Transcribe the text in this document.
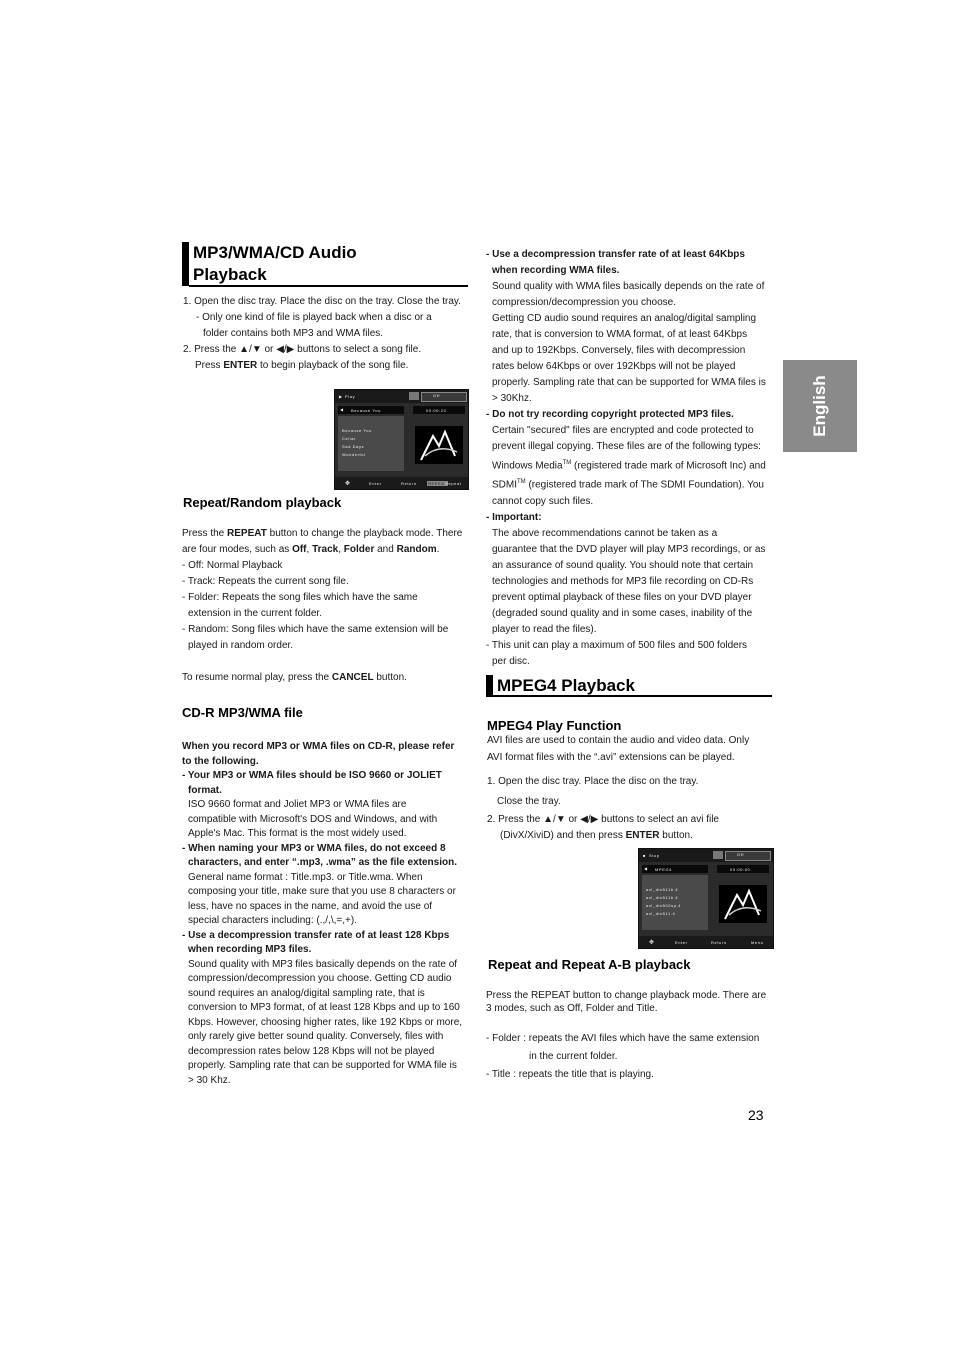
MP3/WMA/CD Audio
Playback

1. Open the disc tray. Place the disc on the tray. Close the tray.

- Only one kind of file is played back when a disc or a

folder contains both MP3 and WMA files.

2. Press the ▲/▼ or ◀/▶ buttons to select a song file.

Press ENTER to begin playback of the song file.

▶ Play	Off
◀ Because You	00:00:23
Because You
Cellar
Sad Days
Wonderful
✥	Enter	Return	REPEAT
Repeat
Repeat/Random playback

Press the REPEAT button to change the playback mode. There

are four modes, such as Off, Track, Folder and Random.

- Off: Normal Playback

- Track: Repeats the current song file.

- Folder: Repeats the song files which have the same

extension in the current folder.

- Random: Song files which have the same extension will be

played in random order.

To resume normal play, press the CANCEL button.

CD-R MP3/WMA file

When you record MP3 or WMA files on CD-R, please refer

to the following.

- Your MP3 or WMA files should be ISO 9660 or JOLIET

format.

ISO 9660 format and Joliet MP3 or WMA files are

compatible with Microsoft's DOS and Windows, and with

Apple's Mac. This format is the most widely used.

- When naming your MP3 or WMA files, do not exceed 8

characters, and enter “.mp3, .wma” as the file extension.

General name format : Title.mp3. or Title.wma. When

composing your title, make sure that you use 8 characters or

less, have no spaces in the name, and avoid the use of

special characters including: (.,/,\,=,+).

- Use a decompression transfer rate of at least 128 Kbps

when recording MP3 files.

Sound quality with MP3 files basically depends on the rate of

compression/decompression you choose. Getting CD audio

sound requires an analog/digital sampling rate, that is

conversion to MP3 format, of at least 128 Kbps and up to 160

Kbps. However, choosing higher rates, like 192 Kbps or more,

only rarely give better sound quality. Conversely, files with

decompression rates below 128 Kbps will not be played

properly. Sampling rate that can be supported for WMA file is

> 30 Khz.

- Use a decompression transfer rate of at least 64Kbps

when recording WMA files.

Sound quality with WMA files basically depends on the rate of

compression/decompression you choose.

Getting CD audio sound requires an analog/digital sampling

rate, that is conversion to WMA format, of at least 64Kbps

and up to 192Kbps. Conversely, files with decompression

rates below 64Kbps or over 192Kbps will not be played

properly. Sampling rate that can be supported for WMA files is

> 30Khz.

- Do not try recording copyright protected MP3 files.

Certain "secured" files are encrypted and code protected to

prevent illegal copying. These files are of the following types:

Windows Media™ (registered trade mark of Microsoft Inc) and

SDMI™ (registered trade mark of The SDMI Foundation). You

cannot copy such files.

- Important:

The above recommendations cannot be taken as a

guarantee that the DVD player will play MP3 recordings, or as

an assurance of sound quality. You should note that certain

technologies and methods for MP3 file recording on CD-Rs

prevent optimal playback of these files on your DVD player

(degraded sound quality and in some cases, inability of the

player to read the files).

- This unit can play a maximum of 500 files and 500 folders

per disc.

MPEG4 Playback
MPEG4 Play Function

AVI files are used to contain the audio and video data. Only

AVI format files with the “.avi” extensions can be played.

1. Open the disc tray. Place the disc on the tray.

Close the tray.

2. Press the ▲/▼ or ◀/▶ buttons to select an avi file

(DivX/XiviD) and then press ENTER button.

■ Stop	Off
◀ MPEG4	00:00:00
avi_div511b.4
avi_div511b.4
avi_div502sp.4
avi_div511.4
✥	Enter	Return	Menu
Repeat and Repeat A-B playback

Press the REPEAT button to change playback mode. There are

3 modes, such as Off, Folder and Title.

- Folder : repeats the AVI files which have the same extension

in the current folder.

- Title : repeats the title that is playing.

English
23
